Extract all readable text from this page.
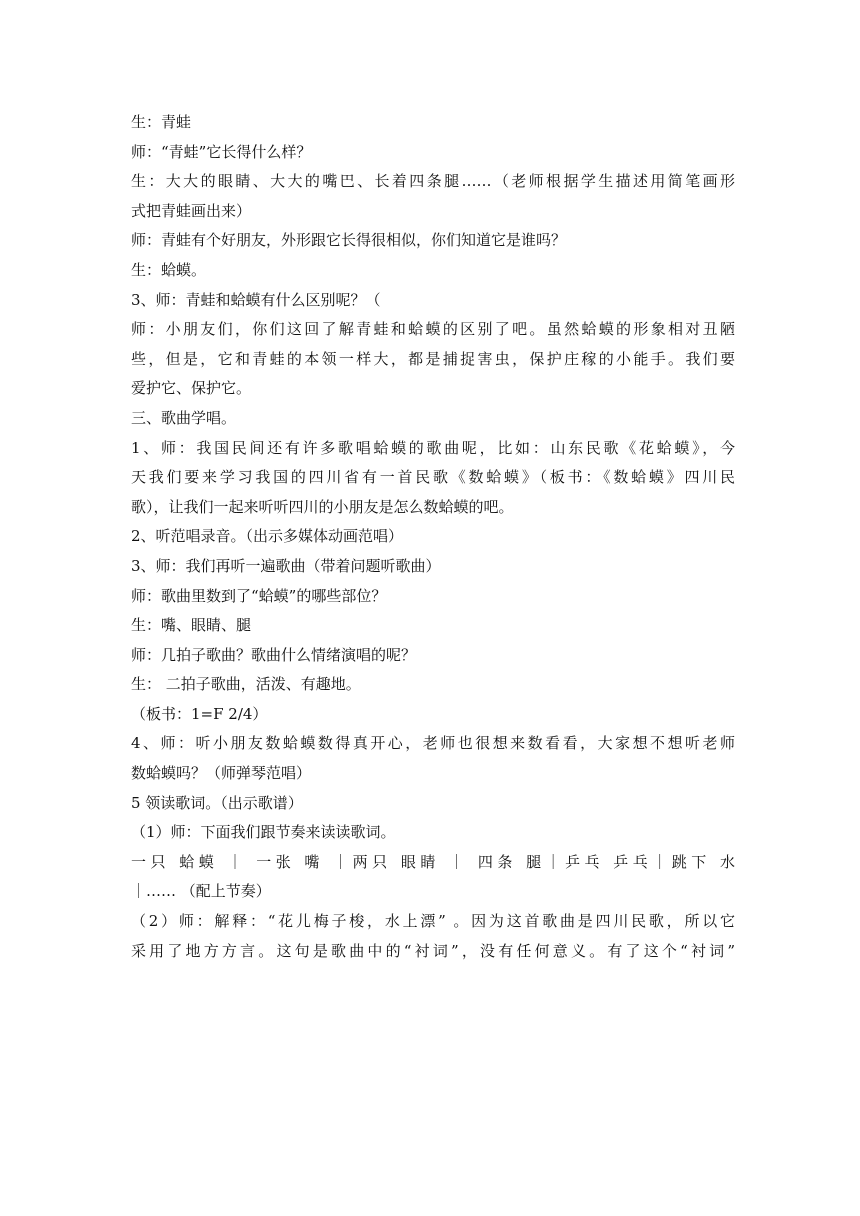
生：青蛙
师：“青蛙”它长得什么样？
生：大大的眼睛、大大的嘴巴、长着四条腿……（老师根据学生描述用简笔画形
式把青蛙画出来）
师：青蛙有个好朋友，外形跟它长得很相似，你们知道它是谁吗？
生：蛤蟆。
3、师：青蛙和蛤蟆有什么区别呢？（
师：小朋友们，你们这回了解青蛙和蛤蟆的区别了吧。虽然蛤蟆的形象相对丑陋
些，但是，它和青蛙的本领一样大，都是捕捉害虫，保护庄稼的小能手。我们要
爱护它、保护它。
三、歌曲学唱。
1、师：我国民间还有许多歌唱蛤蟆的歌曲呢，比如：山东民歌《花蛤蟆》，今
天我们要来学习我国的四川省有一首民歌《数蛤蟆》（板书：《数蛤蟆》四川民
歌），让我们一起来听听四川的小朋友是怎么数蛤蟆的吧。
2、听范唱录音。（出示多媒体动画范唱）
3、师：我们再听一遍歌曲（带着问题听歌曲）
师：歌曲里数到了“蛤蟆”的哪些部位？
生：嘴、眼睛、腿
师：几拍子歌曲？歌曲什么情绪演唱的呢？
生： 二拍子歌曲，活泼、有趣地。
（板书：1=F 2/4）
4、师：听小朋友数蛤蟆数得真开心，老师也很想来数看看，大家想不想听老师
数蛤蟆吗？（师弹琴范唱）
5 领读歌词。（出示歌谱）
（1）师：下面我们跟节奏来读读歌词。
一只 蛤蟆 ｜ 一张 嘴 ｜两只 眼睛 ｜ 四条 腿｜乒乓 乒乓｜跳下 水
｜…… （配上节奏）
（2）师：解释：“花儿梅子梭，水上漂” 。因为这首歌曲是四川民歌，所以它
采用了地方方言。这句是歌曲中的“衬词”，没有任何意义。有了这个“衬词”
